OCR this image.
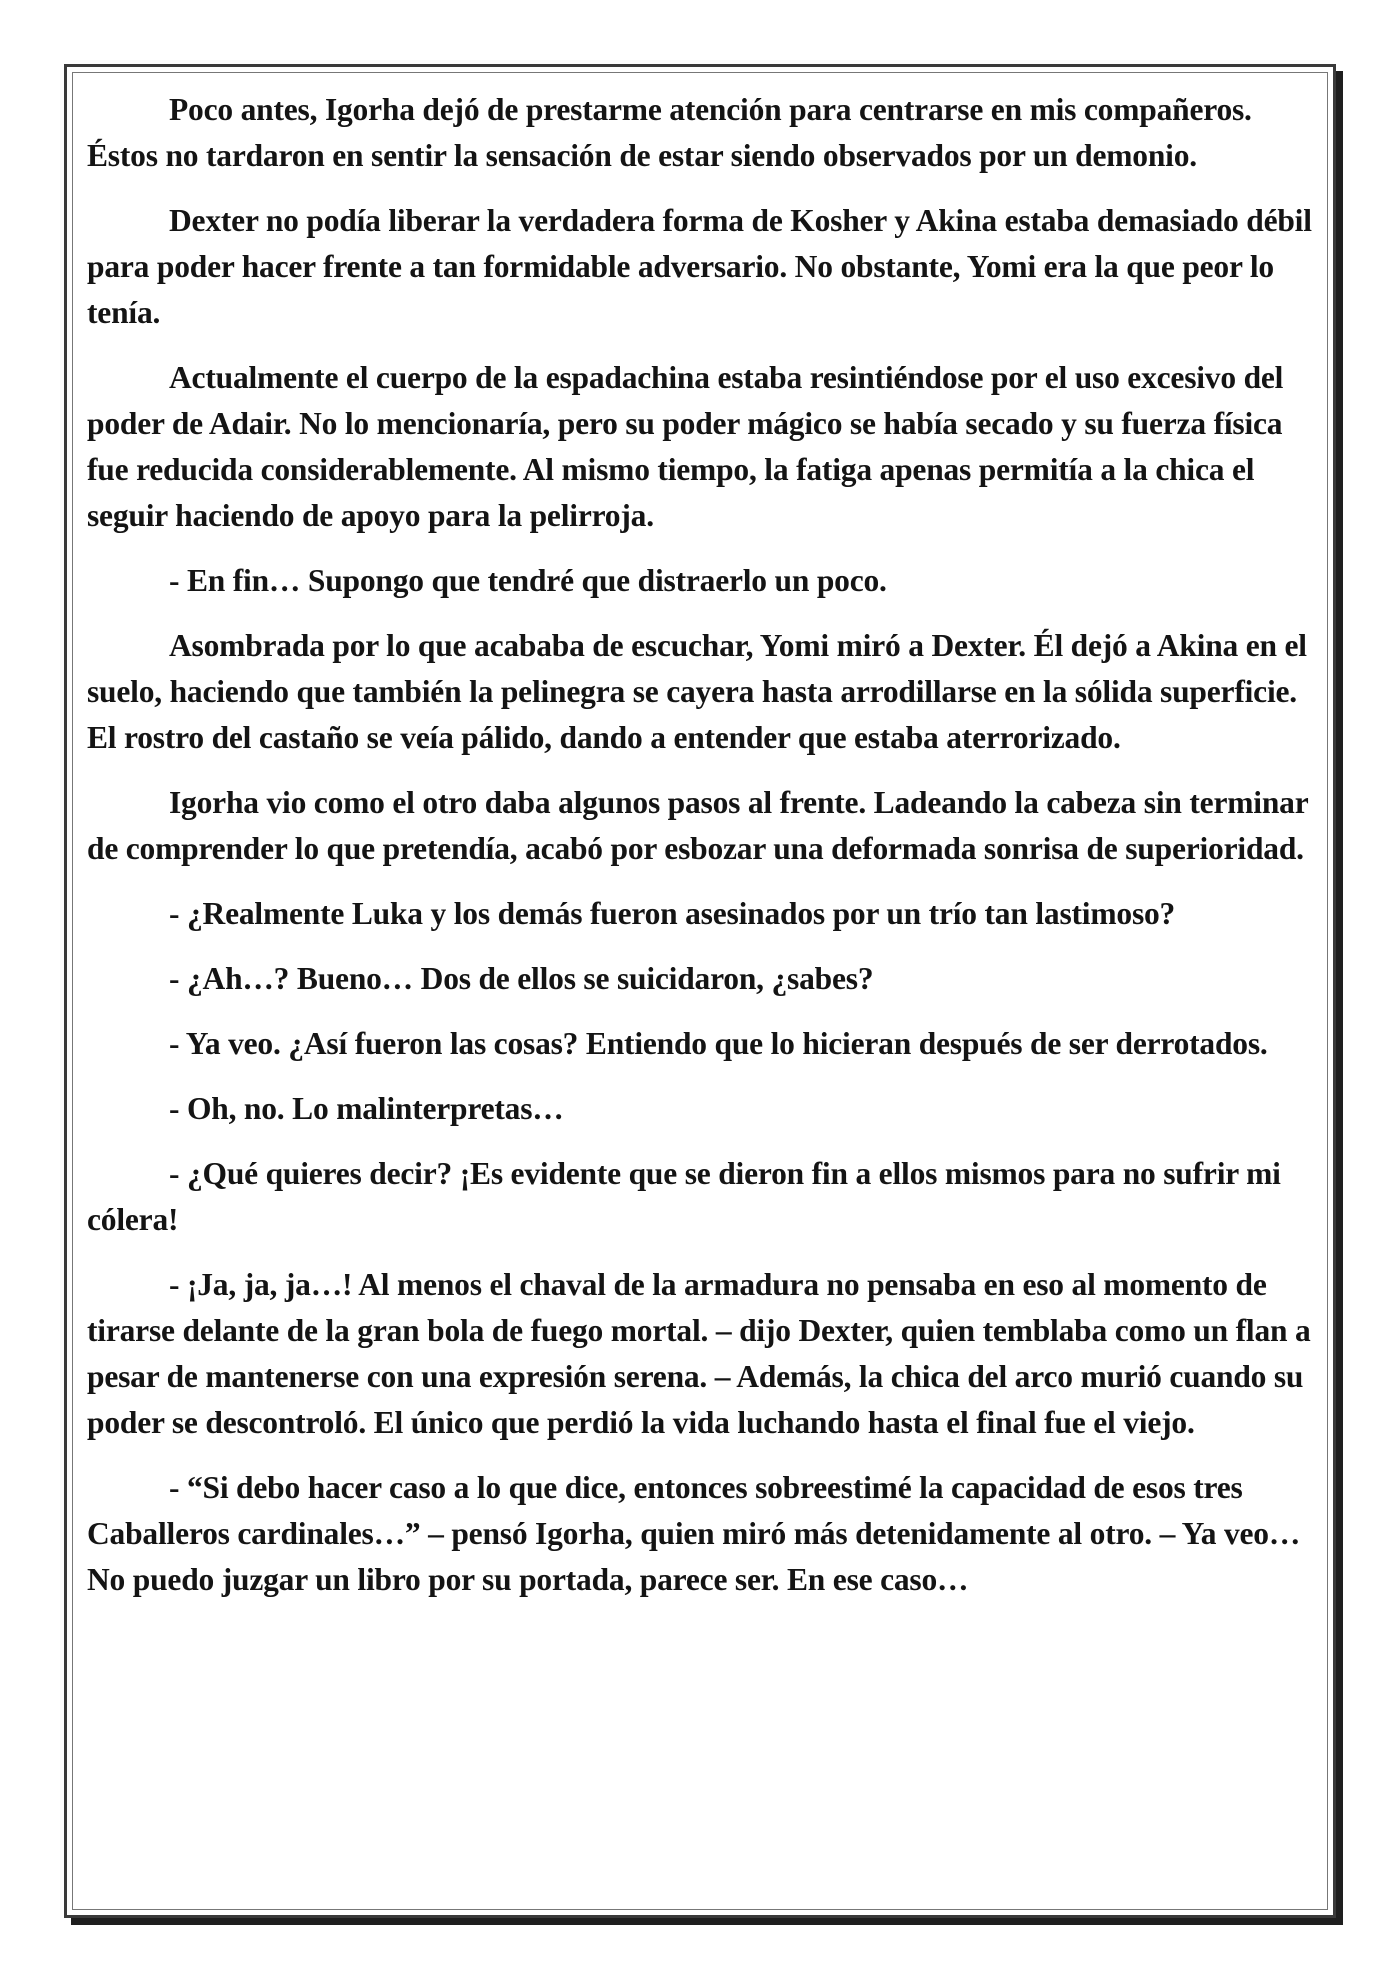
Poco antes, Igorha dejó de prestarme atención para centrarse en mis compañeros. Éstos no tardaron en sentir la sensación de estar siendo observados por un demonio.

Dexter no podía liberar la verdadera forma de Kosher y Akina estaba demasiado débil para poder hacer frente a tan formidable adversario. No obstante, Yomi era la que peor lo tenía.

Actualmente el cuerpo de la espadachina estaba resintiéndose por el uso excesivo del poder de Adair. No lo mencionaría, pero su poder mágico se había secado y su fuerza física fue reducida considerablemente. Al mismo tiempo, la fatiga apenas permitía a la chica el seguir haciendo de apoyo para la pelirroja.

- En fin… Supongo que tendré que distraerlo un poco.

Asombrada por lo que acababa de escuchar, Yomi miró a Dexter. Él dejó a Akina en el suelo, haciendo que también la pelinegra se cayera hasta arrodillarse en la sólida superficie. El rostro del castaño se veía pálido, dando a entender que estaba aterrorizado.

Igorha vio como el otro daba algunos pasos al frente. Ladeando la cabeza sin terminar de comprender lo que pretendía, acabó por esbozar una deformada sonrisa de superioridad.

- ¿Realmente Luka y los demás fueron asesinados por un trío tan lastimoso?

- ¿Ah…? Bueno… Dos de ellos se suicidaron, ¿sabes?

- Ya veo. ¿Así fueron las cosas? Entiendo que lo hicieran después de ser derrotados.

- Oh, no. Lo malinterpretas…

- ¿Qué quieres decir? ¡Es evidente que se dieron fin a ellos mismos para no sufrir mi cólera!

- ¡Ja, ja, ja…! Al menos el chaval de la armadura no pensaba en eso al momento de tirarse delante de la gran bola de fuego mortal. – dijo Dexter, quien temblaba como un flan a pesar de mantenerse con una expresión serena. – Además, la chica del arco murió cuando su poder se descontroló. El único que perdió la vida luchando hasta el final fue el viejo.

- “Si debo hacer caso a lo que dice, entonces sobreestimé la capacidad de esos tres Caballeros cardinales…” – pensó Igorha, quien miró más detenidamente al otro. – Ya veo… No puedo juzgar un libro por su portada, parece ser. En ese caso…
